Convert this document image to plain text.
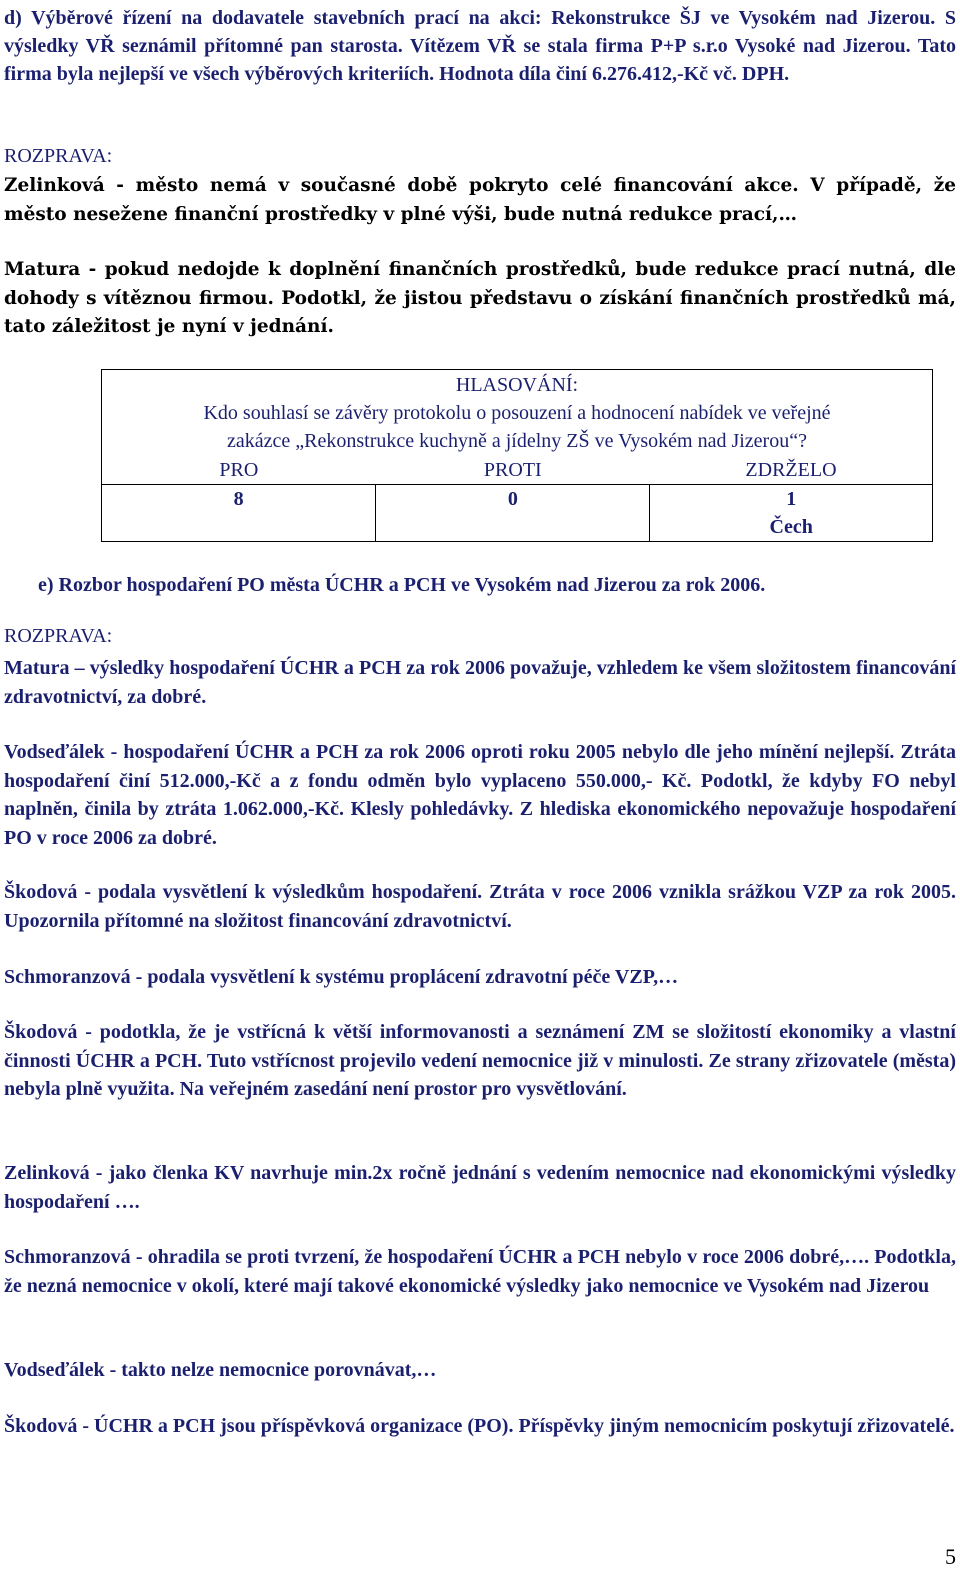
d) Výběrové řízení na dodavatele stavebních prací na akci: Rekonstrukce ŠJ ve Vysokém nad Jizerou. S výsledky VŘ seznámil přítomné pan starosta. Vítězem VŘ se stala firma P+P s.r.o Vysoké nad Jizerou. Tato firma byla nejlepší ve všech výběrových kriteriích. Hodnota díla činí 6.276.412,-Kč vč. DPH.

ROZPRAVA:

Zelinková - město nemá v současné době pokryto celé financování akce. V případě, že město nesežene finanční prostředky v plné výši, bude nutná redukce prací,…

Matura - pokud nedojde k doplnění finančních prostředků, bude redukce prací nutná, dle dohody s vítěznou firmou. Podotkl, že jistou představu o získání finančních prostředků má, tato záležitost je nyní v jednání.

HLASOVÁNÍ:
Kdo souhlasí se závěry protokolu o posouzení a hodnocení nabídek ve veřejné
zakázce „Rekonstrukce kuchyně a jídelny ZŠ ve Vysokém nad Jizerou“?		

PRO	PROTI	ZDRŽELO
8	0	1
Čech
e) Rozbor hospodaření PO města ÚCHR a PCH ve Vysokém nad Jizerou za rok 2006.
ROZPRAVA:

Matura – výsledky hospodaření ÚCHR a PCH za rok 2006 považuje, vzhledem ke všem složitostem financování zdravotnictví, za dobré.

Vodseďálek - hospodaření ÚCHR a PCH za rok 2006 oproti roku 2005 nebylo dle jeho mínění nejlepší. Ztráta hospodaření činí 512.000,-Kč a z fondu odměn bylo vyplaceno 550.000,- Kč. Podotkl, že kdyby FO nebyl naplněn, činila by ztráta 1.062.000,-Kč. Klesly pohledávky. Z hlediska ekonomického nepovažuje hospodaření PO v roce 2006 za dobré.

Škodová - podala vysvětlení k výsledkům hospodaření. Ztráta v roce 2006 vznikla srážkou VZP za rok 2005. Upozornila přítomné na složitost financování zdravotnictví.

Schmoranzová - podala vysvětlení k systému proplácení zdravotní péče VZP,…

Škodová - podotkla, že je vstřícná k větší informovanosti a seznámení ZM se složitostí ekonomiky a vlastní činnosti ÚCHR a PCH. Tuto vstřícnost projevilo vedení nemocnice již v minulosti. Ze strany zřizovatele (města) nebyla plně využita. Na veřejném zasedání není prostor pro vysvětlování.

Zelinková - jako členka KV navrhuje min.2x ročně jednání s vedením nemocnice nad ekonomickými výsledky hospodaření ….

Schmoranzová - ohradila se proti tvrzení, že hospodaření ÚCHR a PCH nebylo v roce 2006 dobré,…. Podotkla, že nezná nemocnice v okolí, které mají takové ekonomické výsledky jako nemocnice ve Vysokém nad Jizerou

Vodseďálek - takto nelze nemocnice porovnávat,…

Škodová - ÚCHR a PCH jsou příspěvková organizace (PO). Příspěvky jiným nemocnicím poskytují zřizovatelé.

5
